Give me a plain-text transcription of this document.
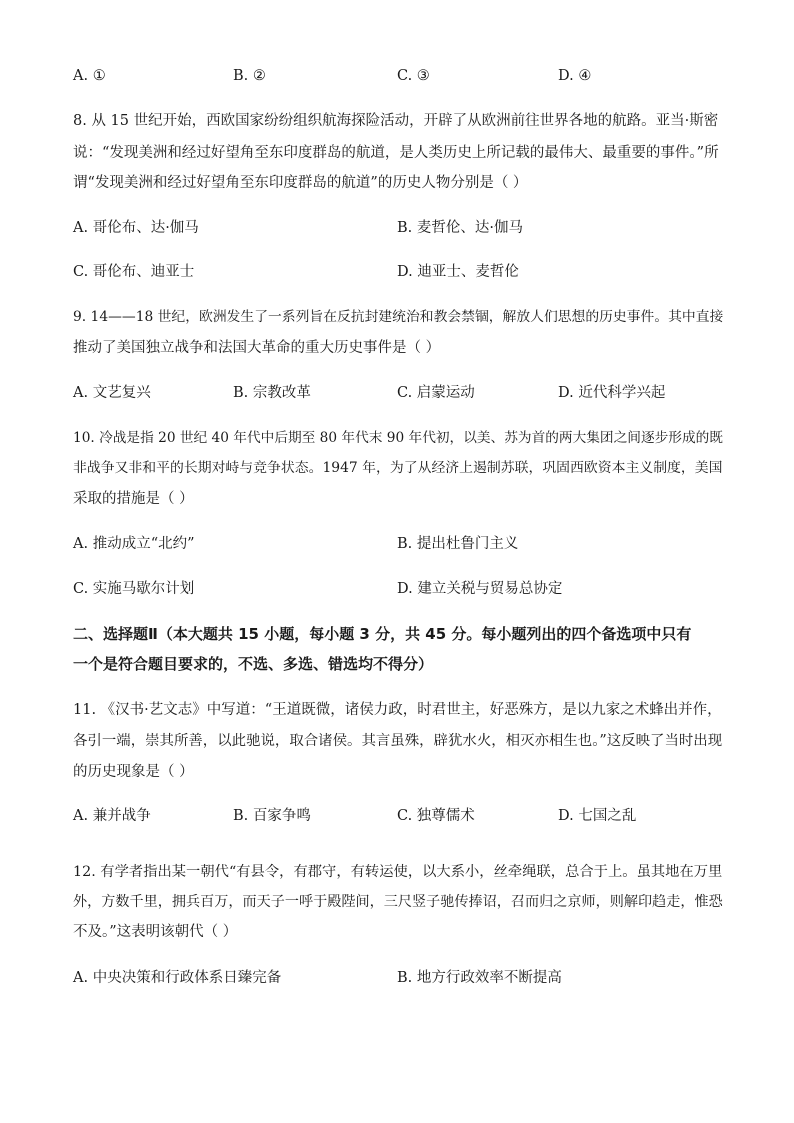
A. ①	B. ②	C. ③	D. ④
8. 从 15 世纪开始，西欧国家纷纷组织航海探险活动，开辟了从欧洲前往世界各地的航路。亚当·斯密
说：“发现美洲和经过好望角至东印度群岛的航道，是人类历史上所记载的最伟大、最重要的事件。”所
谓“发现美洲和经过好望角至东印度群岛的航道”的历史人物分别是（ ）
A. 哥伦布、达·伽马	B. 麦哲伦、达·伽马
C. 哥伦布、迪亚士	D. 迪亚士、麦哲伦
9. 14——18 世纪，欧洲发生了一系列旨在反抗封建统治和教会禁锢，解放人们思想的历史事件。其中直接
推动了美国独立战争和法国大革命的重大历史事件是（ ）
A. 文艺复兴	B. 宗教改革	C. 启蒙运动	D. 近代科学兴起
10. 冷战是指 20 世纪 40 年代中后期至 80 年代末 90 年代初，以美、苏为首的两大集团之间逐步形成的既
非战争又非和平的长期对峙与竞争状态。1947 年，为了从经济上遏制苏联，巩固西欧资本主义制度，美国
采取的措施是（ ）
A. 推动成立“北约”	B. 提出杜鲁门主义
C. 实施马歇尔计划	D. 建立关税与贸易总协定
二、选择题Ⅱ（本大题共 15 小题，每小题 3 分，共 45 分。每小题列出的四个备选项中只有
一个是符合题目要求的，不选、多选、错选均不得分）
11. 《汉书·艺文志》中写道：“王道既微，诸侯力政，时君世主，好恶殊方，是以九家之术蜂出并作，
各引一端，崇其所善，以此驰说，取合诸侯。其言虽殊，辟犹水火，相灭亦相生也。”这反映了当时出现
的历史现象是（ ）
A. 兼并战争	B. 百家争鸣	C. 独尊儒术	D. 七国之乱
12. 有学者指出某一朝代“有县令，有郡守，有转运使，以大系小，丝牵绳联，总合于上。虽其地在万里
外，方数千里，拥兵百万，而天子一呼于殿陛间，三尺竖子驰传捧诏，召而归之京师，则解印趋走，惟恐
不及。”这表明该朝代（ ）
A. 中央决策和行政体系日臻完备	B. 地方行政效率不断提高
